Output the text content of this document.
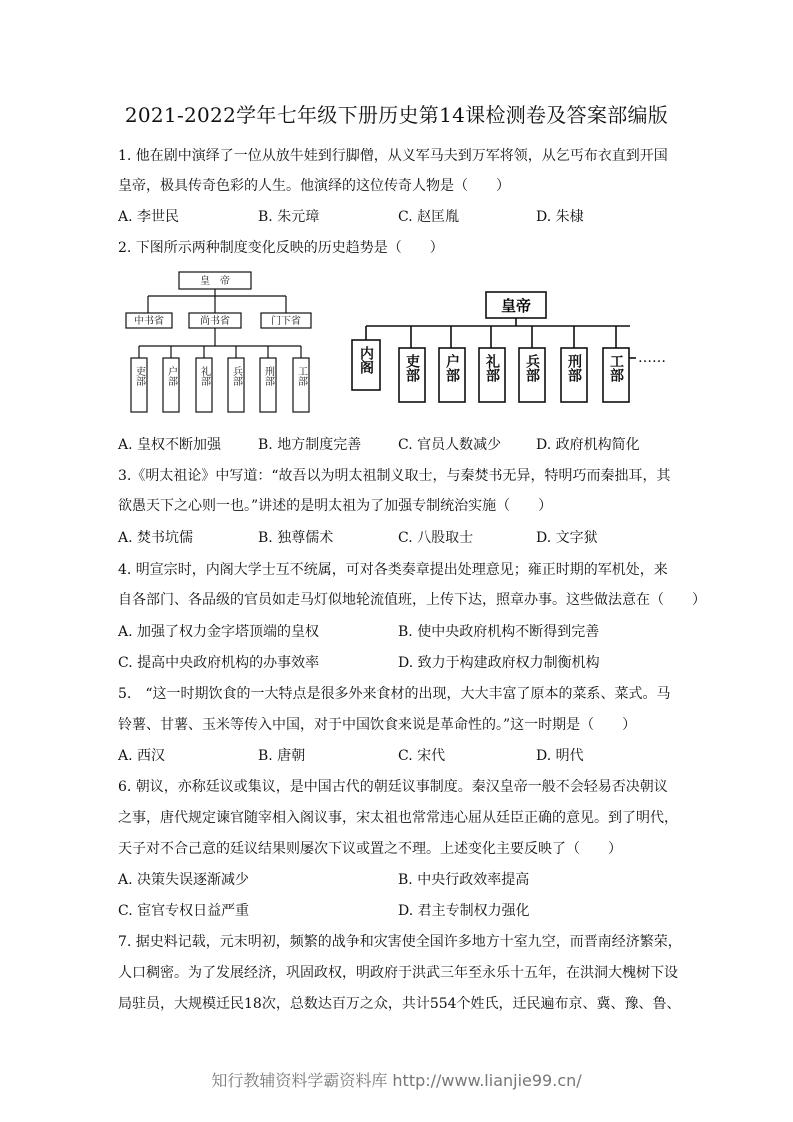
2021-2022学年七年级下册历史第14课检测卷及答案部编版
1. 他在剧中演绎了一位从放牛娃到行脚僧，从义军马夫到万军将领，从乞丐布衣直到开国
皇帝，极具传奇色彩的人生。他演绎的这位传奇人物是（　　）
A. 李世民	B. 朱元璋	C. 赵匡胤	D. 朱棣
2. 下图所示两种制度变化反映的历史趋势是（　　）
皇　帝
中书省	尚书省	门下省
吏部 户部 礼部 兵部 刑部 工部
皇帝
内阁 吏部 户部 礼部 兵部 刑部 工部 ……
A. 皇权不断加强	B. 地方制度完善	C. 官员人数减少 D. 政府机构简化
3.《明太祖论》中写道：“故吾以为明太祖制义取士，与秦焚书无异，特明巧而秦拙耳，其
欲愚天下之心则一也。”讲述的是明太祖为了加强专制统治实施（　　）
A. 焚书坑儒	B. 独尊儒术	C. 八股取士	D. 文字狱
4. 明宣宗时，内阁大学士互不统属，可对各类奏章提出处理意见；雍正时期的军机处，来
自各部门、各品级的官员如走马灯似地轮流值班，上传下达，照章办事。这些做法意在（　　）
A. 加强了权力金字塔顶端的皇权	B. 使中央政府机构不断得到完善
C. 提高中央政府机构的办事效率	D. 致力于构建政府权力制衡机构
5.　“这一时期饮食的一大特点是很多外来食材的出现，大大丰富了原本的菜系、菜式。马
铃薯、甘薯、玉米等传入中国，对于中国饮食来说是革命性的。”这一时期是（　　）
A. 西汉	B. 唐朝	C. 宋代	D. 明代
6. 朝议，亦称廷议或集议，是中国古代的朝廷议事制度。秦汉皇帝一般不会轻易否决朝议
之事，唐代规定谏官随宰相入阁议事，宋太祖也常常违心屈从廷臣正确的意见。到了明代，
天子对不合己意的廷议结果则屡次下议或置之不理。上述变化主要反映了（　　）
A. 决策失误逐渐减少	B. 中央行政效率提高
C. 宦官专权日益严重	D. 君主专制权力强化
7. 据史料记载，元末明初，频繁的战争和灾害使全国许多地方十室九空，而晋南经济繁荣，
人口稠密。为了发展经济，巩固政权，明政府于洪武三年至永乐十五年，在洪洞大槐树下设
局驻员，大规模迁民18次，总数达百万之众，共计554个姓氏，迁民遍布京、冀、豫、鲁、
知行教辅资料学霸资料库 http://www.lianjie99.cn/
